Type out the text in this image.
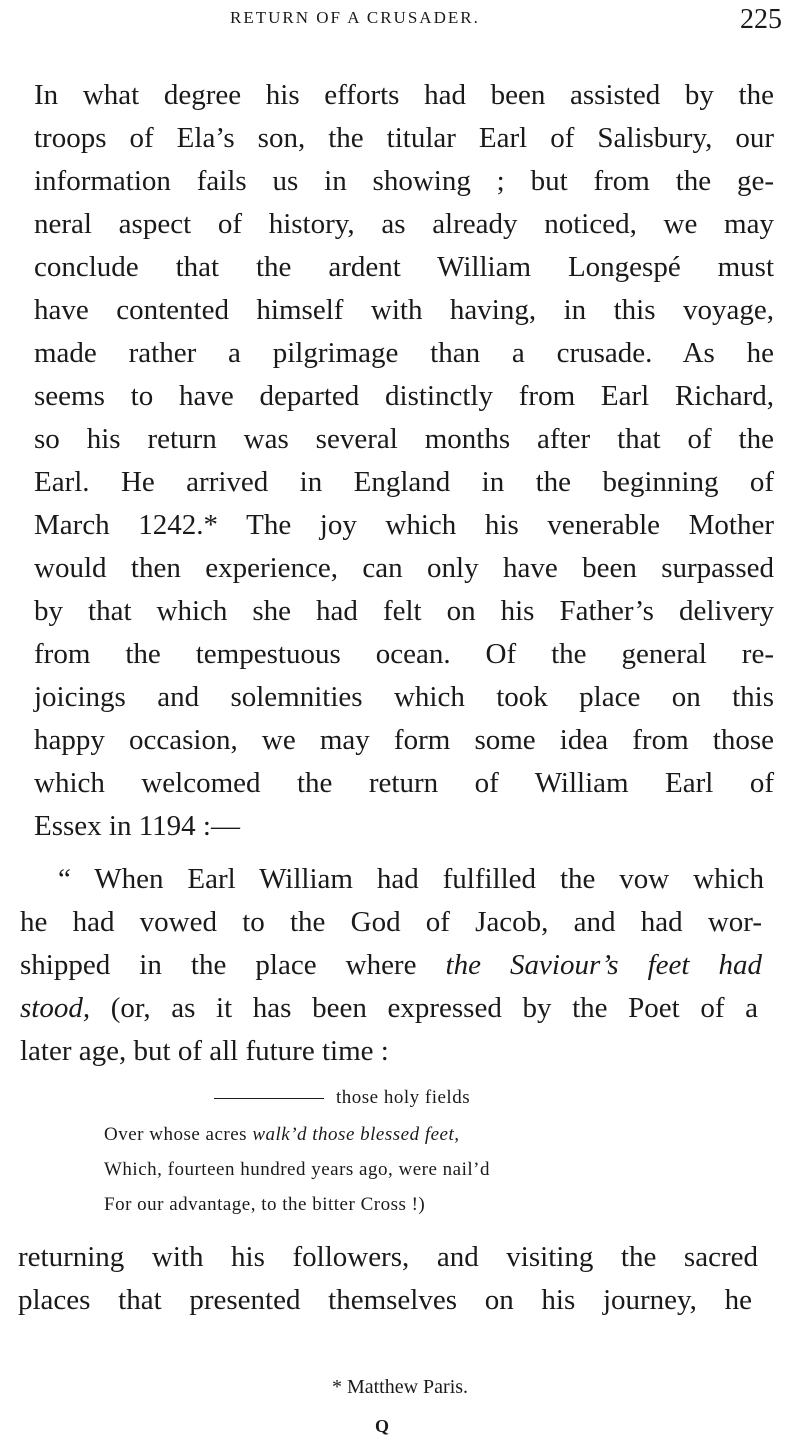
RETURN OF A CRUSADER.	225
In what degree his efforts had been assisted by the
troops of Ela’s son, the titular Earl of Salisbury, our
information fails us in showing ; but from the ge-
neral aspect of history, as already noticed, we may
conclude that the ardent William Longespé must
have contented himself with having, in this voyage,
made rather a pilgrimage than a crusade. As he
seems to have departed distinctly from Earl Richard,
so his return was several months after that of the
Earl. He arrived in England in the beginning of
March 1242.* The joy which his venerable Mother
would then experience, can only have been surpassed
by that which she had felt on his Father’s delivery
from the tempestuous ocean. Of the general re-
joicings and solemnities which took place on this
happy occasion, we may form some idea from those
which welcomed the return of William Earl of
Essex in 1194 :—
“ When Earl William had fulfilled the vow which
he had vowed to the God of Jacob, and had wor-
shipped in the place where the Saviour’s feet had
stood, (or, as it has been expressed by the Poet of a
later age, but of all future time :
those holy fields
Over whose acres walk’d those blessed feet,
Which, fourteen hundred years ago, were nail’d
For our advantage, to the bitter Cross !)
returning with his followers, and visiting the sacred
places that presented themselves on his journey, he
* Matthew Paris.
Q
